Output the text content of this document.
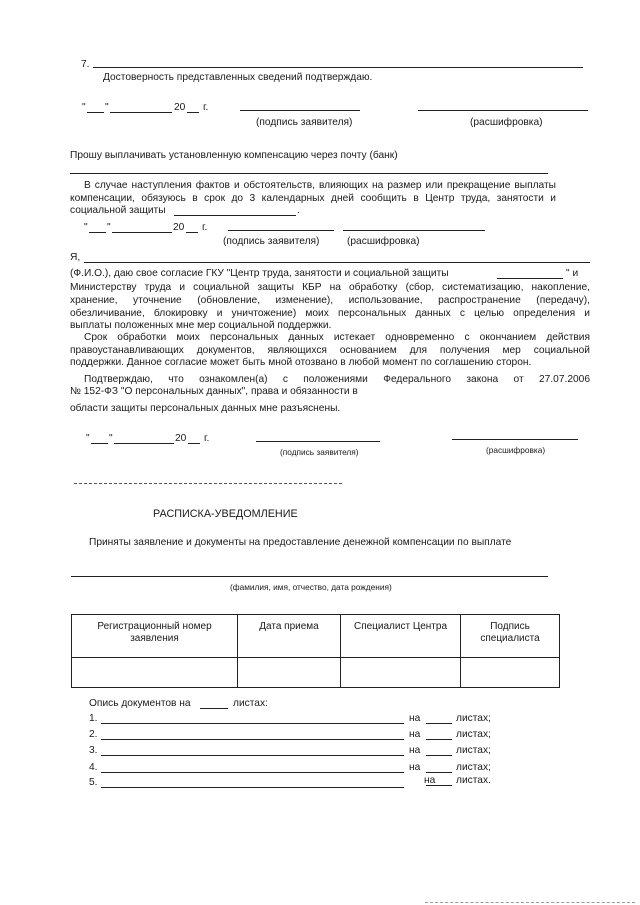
7.
Достоверность представленных сведений подтверждаю.
" "	20 г.
(подпись заявителя)	(расшифровка)
Прошу выплачивать установленную компенсацию через почту (банк)
В случае наступления фактов и обстоятельств, влияющих на размер или прекращение выплаты
компенсации, обязуюсь в срок до 3 календарных дней сообщить в Центр труда, занятости и
социальной защиты	.
" "	20 г.
(подпись заявителя)	(расшифровка)
Я,
(Ф.И.О.), даю свое согласие ГКУ "Центр труда, занятости и социальной защиты	" и
Министерству труда и социальной защиты КБР на обработку (сбор, систематизацию, накопление,
хранение, уточнение (обновление, изменение), использование, распространение (передачу),
обезличивание, блокировку и уничтожение) моих персональных данных с целью определения и
выплаты положенных мне мер социальной поддержки.
Срок обработки моих персональных данных истекает одновременно с окончанием действия
правоустанавливающих документов, являющихся основанием для получения мер социальной
поддержки. Данное согласие может быть мной отозвано в любой момент по соглашению сторон.
Подтверждаю, что ознакомлен(а) с положениями Федерального закона от 27.07.2006
№ 152-ФЗ "О персональных данных", права и обязанности в
области защиты персональных данных мне разъяснены.
" "	20 г.
(подпись заявителя)	(расшифровка)
РАСПИСКА-УВЕДОМЛЕНИЕ
Приняты заявление и документы на предоставление денежной компенсации по выплате
(фамилия, имя, отчество, дата рождения)
Регистрационный номер заявления	Дата приема	Специалист Центра	Подпись специалиста

Опись документов на	листах:
1.	на	листах;
2.	на	листах;
3.	на	листах;
4.	на	листах;
5.	на листах.
